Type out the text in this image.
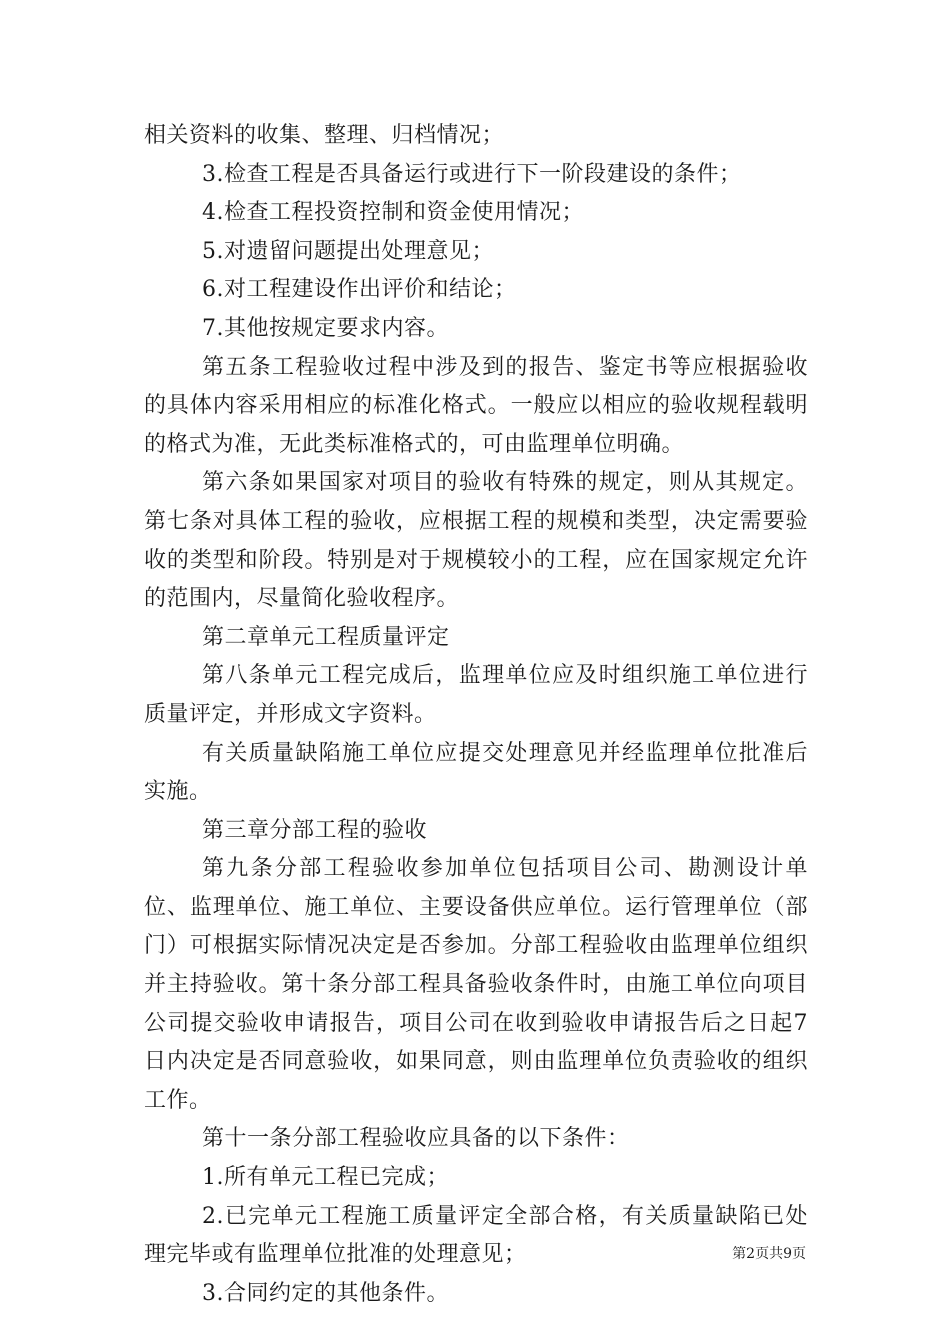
相关资料的收集、整理、归档情况；

3.检查工程是否具备运行或进行下一阶段建设的条件；

4.检查工程投资控制和资金使用情况；

5.对遗留问题提出处理意见；

6.对工程建设作出评价和结论；

7.其他按规定要求内容。

第五条工程验收过程中涉及到的报告、鉴定书等应根据验收的具体内容采用相应的标准化格式。一般应以相应的验收规程载明的格式为准，无此类标准格式的，可由监理单位明确。

第六条如果国家对项目的验收有特殊的规定，则从其规定。第七条对具体工程的验收，应根据工程的规模和类型，决定需要验收的类型和阶段。特别是对于规模较小的工程，应在国家规定允许的范围内，尽量简化验收程序。

第二章单元工程质量评定

第八条单元工程完成后，监理单位应及时组织施工单位进行质量评定，并形成文字资料。

有关质量缺陷施工单位应提交处理意见并经监理单位批准后实施。

第三章分部工程的验收

第九条分部工程验收参加单位包括项目公司、勘测设计单位、监理单位、施工单位、主要设备供应单位。运行管理单位（部门）可根据实际情况决定是否参加。分部工程验收由监理单位组织并主持验收。第十条分部工程具备验收条件时，由施工单位向项目公司提交验收申请报告，项目公司在收到验收申请报告后之日起7日内决定是否同意验收，如果同意，则由监理单位负责验收的组织工作。

第十一条分部工程验收应具备的以下条件：

1.所有单元工程已完成；

2.已完单元工程施工质量评定全部合格，有关质量缺陷已处理完毕或有监理单位批准的处理意见；

3.合同约定的其他条件。

第2页共9页
